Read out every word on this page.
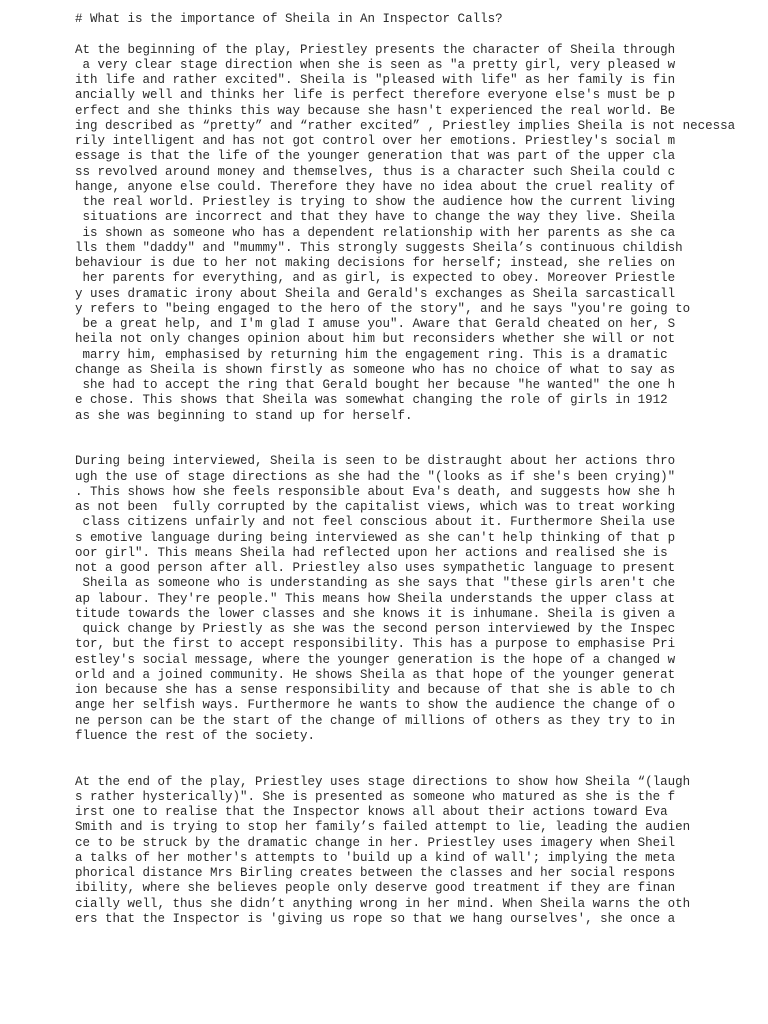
# What is the importance of Sheila in An Inspector Calls?
At the beginning of the play, Priestley presents the character of Sheila through
a very clear stage direction when she is seen as "a pretty girl, very pleased w
ith life and rather excited". Sheila is "pleased with life" as her family is fin
ancially well and thinks her life is perfect therefore everyone else's must be p
erfect and she thinks this way because she hasn't experienced the real world. Be
ing described as “pretty” and “rather excited” , Priestley implies Sheila is not necessa
rily intelligent and has not got control over her emotions. Priestley's social m
essage is that the life of the younger generation that was part of the upper cla
ss revolved around money and themselves, thus is a character such Sheila could c
hange, anyone else could. Therefore they have no idea about the cruel reality of
the real world. Priestley is trying to show the audience how the current living
situations are incorrect and that they have to change the way they live. Sheila
is shown as someone who has a dependent relationship with her parents as she ca
lls them "daddy" and "mummy". This strongly suggests Sheila’s continuous childish
behaviour is due to her not making decisions for herself; instead, she relies on
her parents for everything, and as girl, is expected to obey. Moreover Priestle
y uses dramatic irony about Sheila and Gerald's exchanges as Sheila sarcasticall
y refers to "being engaged to the hero of the story", and he says "you're going to
be a great help, and I'm glad I amuse you". Aware that Gerald cheated on her, S
heila not only changes opinion about him but reconsiders whether she will or not
marry him, emphasised by returning him the engagement ring. This is a dramatic
change as Sheila is shown firstly as someone who has no choice of what to say as
she had to accept the ring that Gerald bought her because "he wanted" the one h
e chose. This shows that Sheila was somewhat changing the role of girls in 1912
as she was beginning to stand up for herself.
During being interviewed, Sheila is seen to be distraught about her actions thro
ugh the use of stage directions as she had the "(looks as if she's been crying)"
. This shows how she feels responsible about Eva's death, and suggests how she h
as not been  fully corrupted by the capitalist views, which was to treat working
class citizens unfairly and not feel conscious about it. Furthermore Sheila use
s emotive language during being interviewed as she can't help thinking of that p
oor girl". This means Sheila had reflected upon her actions and realised she is
not a good person after all. Priestley also uses sympathetic language to present
Sheila as someone who is understanding as she says that "these girls aren't che
ap labour. They're people." This means how Sheila understands the upper class at
titude towards the lower classes and she knows it is inhumane. Sheila is given a
quick change by Priestly as she was the second person interviewed by the Inspec
tor, but the first to accept responsibility. This has a purpose to emphasise Pri
estley's social message, where the younger generation is the hope of a changed w
orld and a joined community. He shows Sheila as that hope of the younger generat
ion because she has a sense responsibility and because of that she is able to ch
ange her selfish ways. Furthermore he wants to show the audience the change of o
ne person can be the start of the change of millions of others as they try to in
fluence the rest of the society.
At the end of the play, Priestley uses stage directions to show how Sheila “(laugh
s rather hysterically)". She is presented as someone who matured as she is the f
irst one to realise that the Inspector knows all about their actions toward Eva
Smith and is trying to stop her family’s failed attempt to lie, leading the audien
ce to be struck by the dramatic change in her. Priestley uses imagery when Sheil
a talks of her mother's attempts to 'build up a kind of wall'; implying the meta
phorical distance Mrs Birling creates between the classes and her social respons
ibility, where she believes people only deserve good treatment if they are finan
cially well, thus she didn’t anything wrong in her mind. When Sheila warns the oth
ers that the Inspector is 'giving us rope so that we hang ourselves', she once a
